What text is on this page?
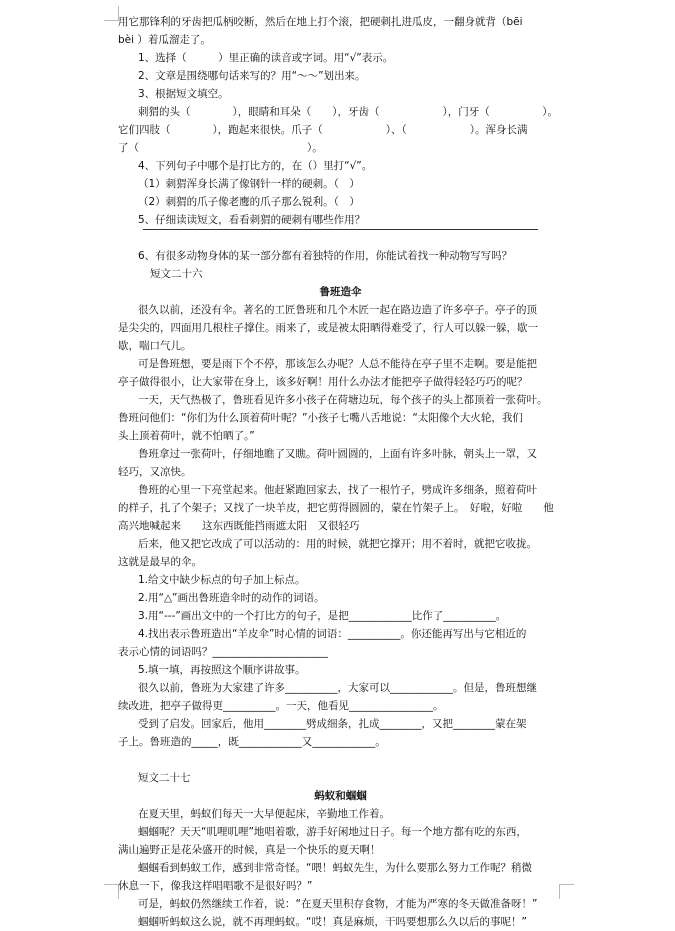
用它那锋利的牙齿把瓜柄咬断，然后在地上打个滚，把硬刺扎进瓜皮，一翻身就背（bēi
bèi ）着瓜溜走了。
1、选择（　　　）里正确的读音或字词。用“√”表示。
2、文章是围绕哪句话来写的？用“～～”划出来。
3、根据短文填空。
刺猬的头（　　　　），眼睛和耳朵（　　），牙齿（　　　　　　），门牙（　　　　　）。
它们四肢（　　　　），跑起来很快。爪子（　　　　　　）、（　　　　　　）。浑身长满
了（　　　　　　　　　　　　　　　　）。
4、下列句子中哪个是打比方的，在（）里打“√”。
（1）刺猬浑身长满了像钢针一样的硬刺。（　）
（2）刺猬的爪子像老鹰的爪子那么锐利。（　）
5、仔细读读短文，看看刺猬的硬刺有哪些作用？
6、有很多动物身体的某一部分都有着独特的作用，你能试着找一种动物写写吗？
短文二十六
鲁班造伞
很久以前，还没有伞。著名的工匠鲁班和几个木匠一起在路边造了许多亭子。亭子的顶
是尖尖的，四面用几根柱子撑住。雨来了，或是被太阳晒得难受了，行人可以躲一躲，歇一
歇，喘口气儿。
可是鲁班想，要是雨下个不停，那该怎么办呢？人总不能待在亭子里不走啊。要是能把
亭子做得很小，让大家带在身上，该多好啊！用什么办法才能把亭子做得轻轻巧巧的呢？
一天，天气热极了，鲁班看见许多小孩子在荷塘边玩，每个孩子的头上都顶着一张荷叶。
鲁班问他们：“你们为什么顶着荷叶呢？”小孩子七嘴八舌地说：“太阳像个大火轮，我们
头上顶着荷叶，就不怕晒了。”
鲁班拿过一张荷叶，仔细地瞧了又瞧。荷叶圆圆的，上面有许多叶脉，朝头上一罩，又
轻巧，又凉快。
鲁班的心里一下亮堂起来。他赶紧跑回家去，找了一根竹子，劈成许多细条，照着荷叶
的样子，扎了个架子；又找了一块羊皮，把它剪得圆圆的，蒙在竹架子上。　好啦，好啦　　他
高兴地喊起来　　这东西既能挡雨遮太阳　又很轻巧
后来，他又把它改成了可以活动的：用的时候，就把它撑开；用不着时，就把它收拢。
这就是最早的伞。
1.给文中缺少标点的句子加上标点。
2.用“△”画出鲁班造伞时的动作的词语。
3.用“---”画出文中的一个打比方的句子，是把____________比作了__________。
4.找出表示鲁班造出“羊皮伞”时心情的词语：__________。你还能再写出与它相近的
表示心情的词语吗？______________________
5.填一填，再按照这个顺序讲故事。
很久以前，鲁班为大家建了许多__________，大家可以____________。但是，鲁班想继
续改进，把亭子做得更__________。一天，他看见________________。
受到了启发。回家后，他用________劈成细条，扎成________，又把________蒙在架
子上。鲁班造的_____，既____________又____________。
短文二十七
蚂蚁和蝈蝈
在夏天里，蚂蚁们每天一大早便起床，辛勤地工作着。
蝈蝈呢？天天“叽哩叽哩”地唱着歌，游手好闲地过日子。每一个地方都有吃的东西，
满山遍野正是花朵盛开的时候，真是一个快乐的夏天啊！
蝈蝈看到蚂蚁工作，感到非常奇怪。“喂！蚂蚁先生，为什么要那么努力工作呢？稍微
休息一下，像我这样唱唱歌不是很好吗？”
可是，蚂蚁仍然继续工作着，说：“在夏天里积存食物，才能为严寒的冬天做准备呀！”
蝈蝈听蚂蚁这么说，就不再理蚂蚁。“哎！真是麻烦，干吗要想那么久以后的事呢！”
